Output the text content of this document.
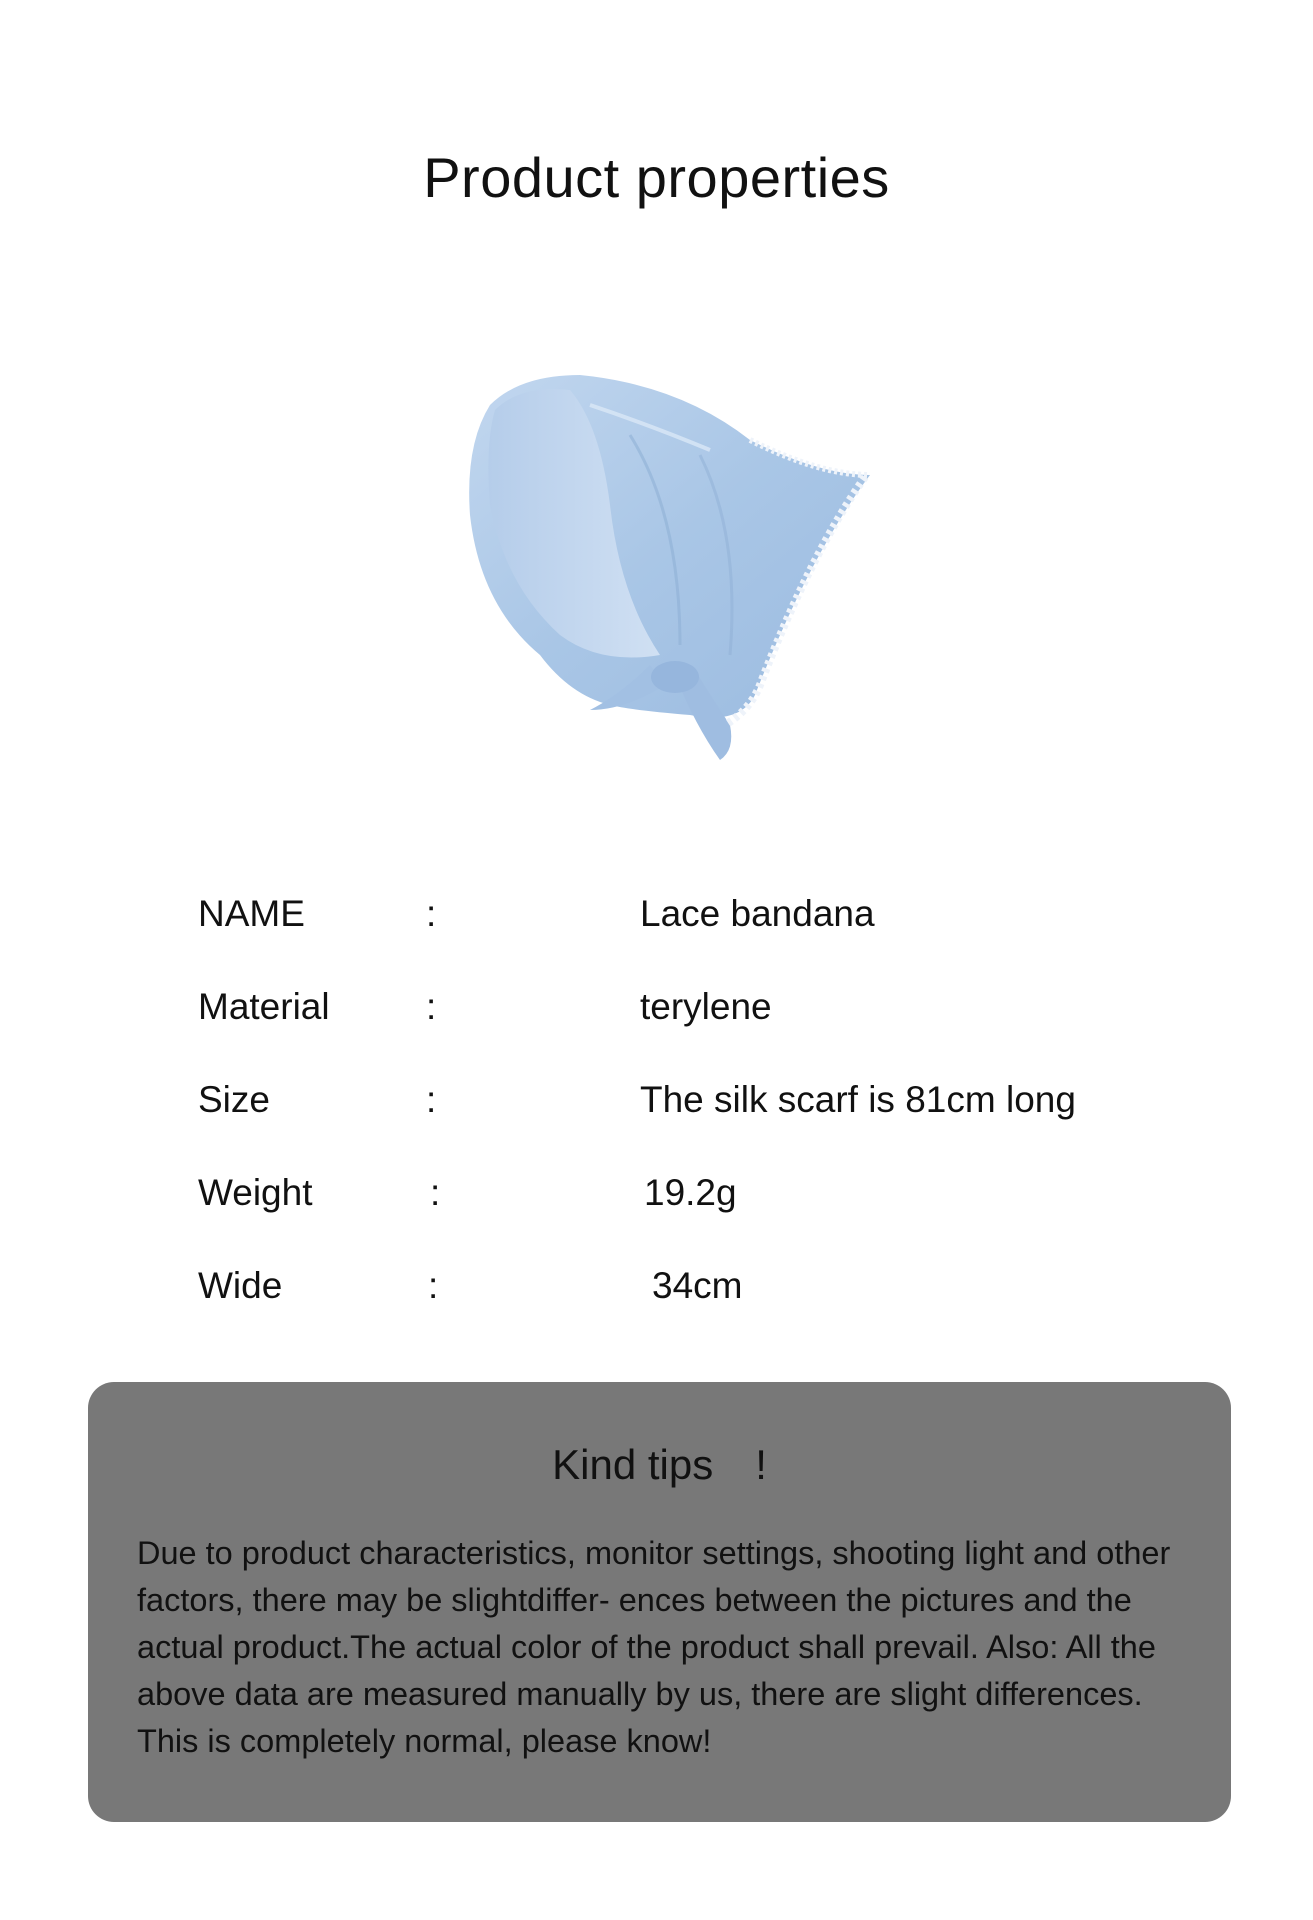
Product properties
NAME	:	Lace bandana
Material	:	terylene
Size	:	The silk scarf is 81cm long
Weight	:	19.2g
Wide	:	34cm
Kind tips　!
Due to product characteristics, monitor settings, shooting light and other factors, there may be slightdiffer- ences between the pictures and the actual product.The actual color of the product shall prevail. Also: All the above data are measured manually by us, there are slight differences. This is completely normal, please know!
